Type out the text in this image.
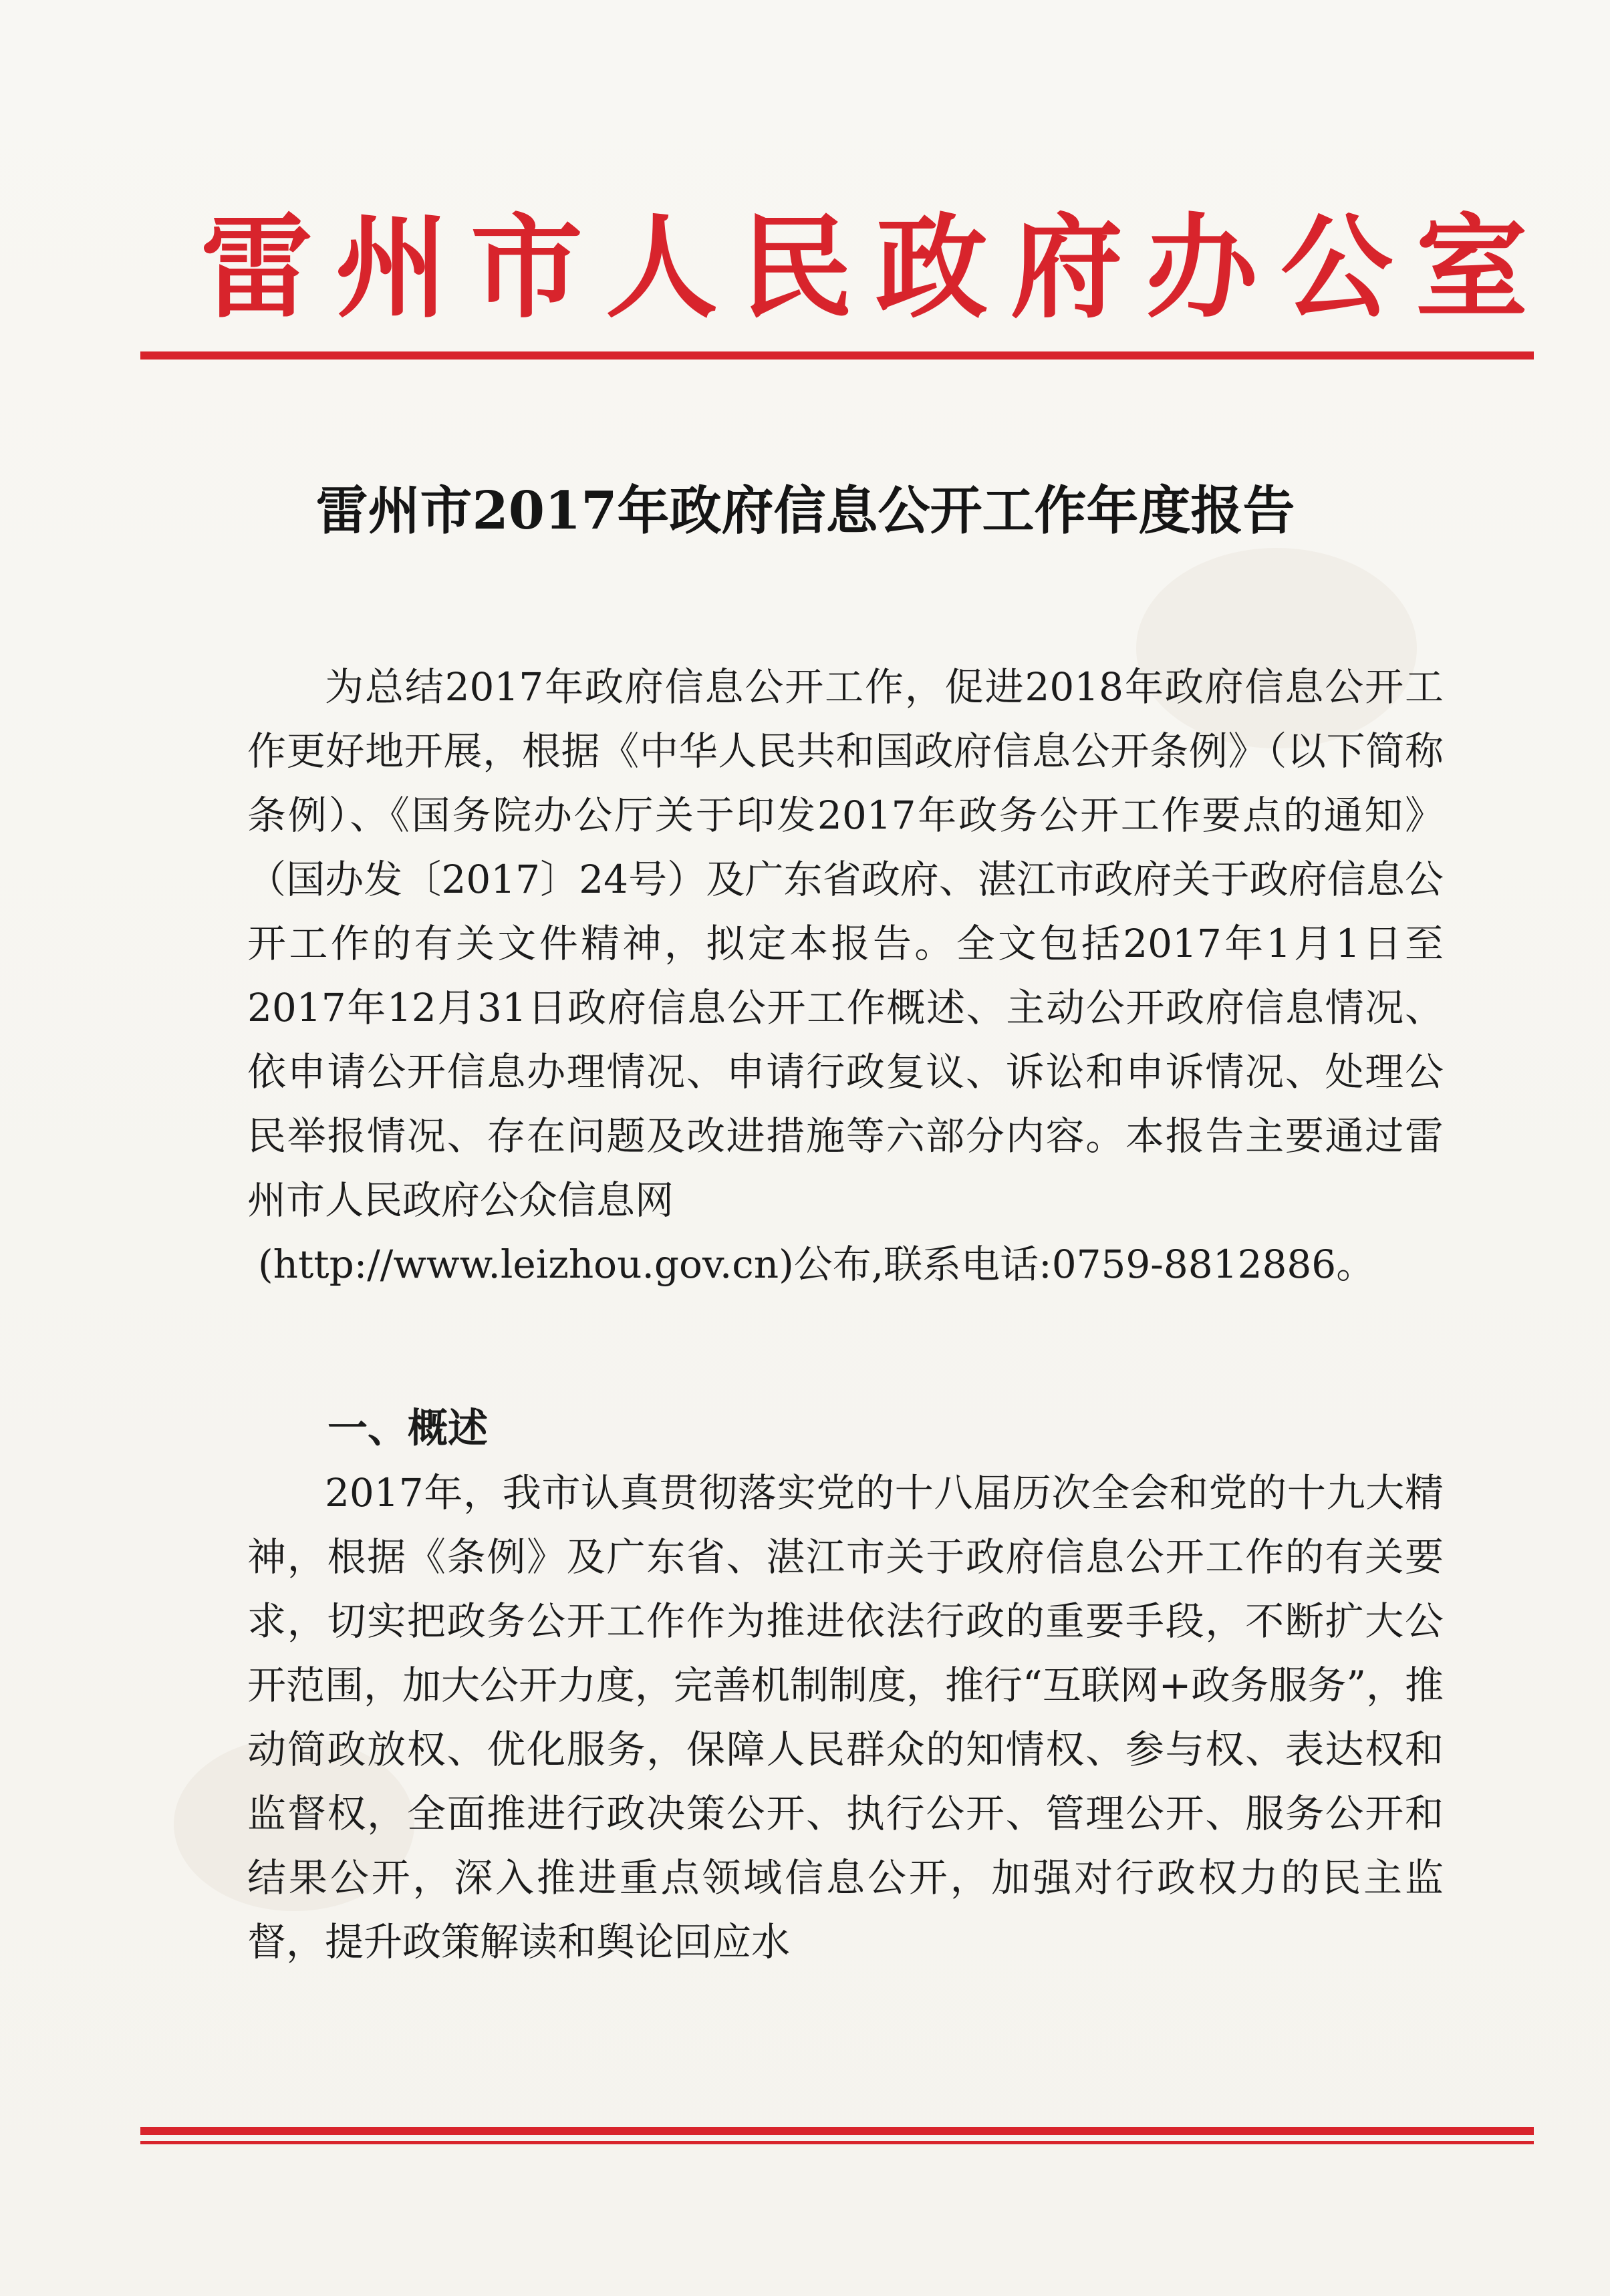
雷州市人民政府办公室
雷州市2017年政府信息公开工作年度报告
为总结2017年政府信息公开工作，促进2018年政府信息公开工作更好地开展，根据《中华人民共和国政府信息公开条例》（以下简称条例）、《国务院办公厅关于印发2017年政务公开工作要点的通知》（国办发〔2017〕24号）及广东省政府、湛江市政府关于政府信息公开工作的有关文件精神，拟定本报告。全文包括2017年1月1日至2017年12月31日政府信息公开工作概述、主动公开政府信息情况、依申请公开信息办理情况、申请行政复议、诉讼和申诉情况、处理公民举报情况、存在问题及改进措施等六部分内容。本报告主要通过雷州市人民政府公众信息网
(http://www.leizhou.gov.cn)公布,联系电话:0759-8812886。
一、概述
2017年，我市认真贯彻落实党的十八届历次全会和党的十九大精神，根据《条例》及广东省、湛江市关于政府信息公开工作的有关要求，切实把政务公开工作作为推进依法行政的重要手段，不断扩大公开范围，加大公开力度，完善机制制度，推行“互联网+政务服务”，推动简政放权、优化服务，保障人民群众的知情权、参与权、表达权和监督权，全面推进行政决策公开、执行公开、管理公开、服务公开和结果公开，深入推进重点领域信息公开，加强对行政权力的民主监督，提升政策解读和舆论回应水
